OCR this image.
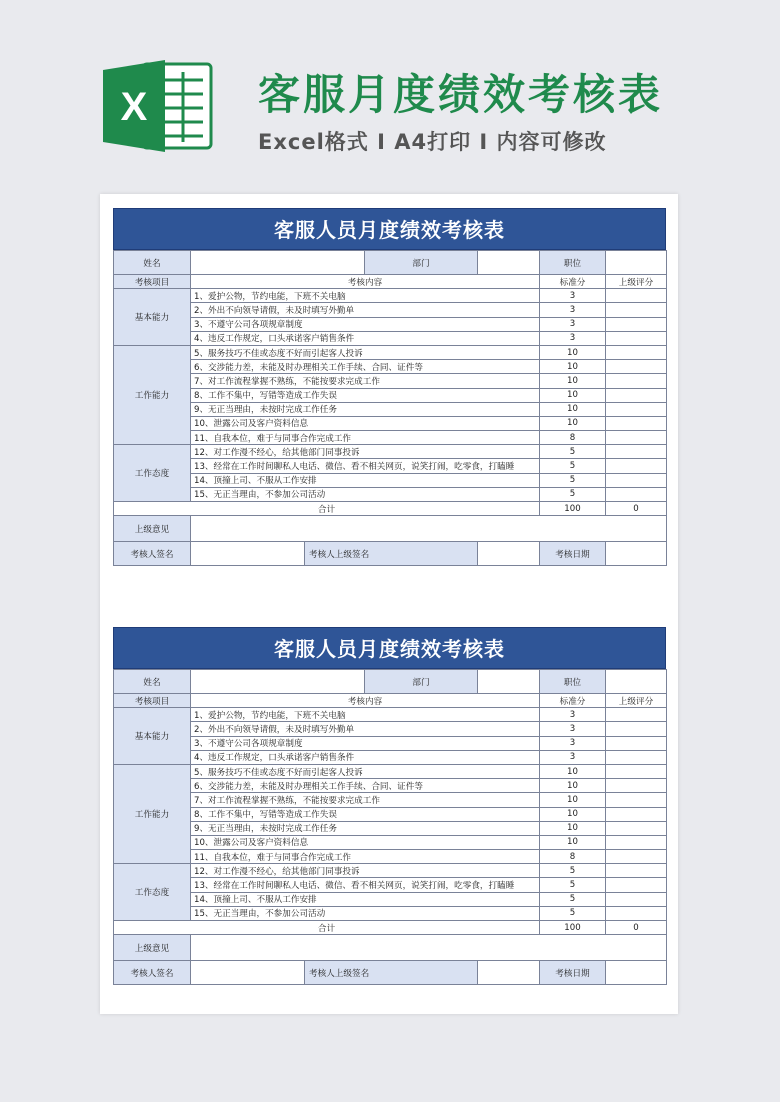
X	客服月度绩效考核表
Excel格式 I A4打印 I 内容可修改
客服人员月度绩效考核表
姓名			部门		职位	
考核项目	考核内容				标准分	上级评分
基本能力	1、爱护公物，节约电能，下班不关电脑				3	
	2、外出不向领导请假，未及时填写外勤单				3	
	3、不遵守公司各项规章制度				3	
	4、违反工作规定，口头承诺客户销售条件				3	
工作能力	5、服务技巧不佳或态度不好而引起客人投诉				10	
	6、交涉能力差，未能及时办理相关工作手续、合同、证件等				10	
	7、对工作流程掌握不熟练，不能按要求完成工作				10	
	8、工作不集中，写错等造成工作失误				10	
	9、无正当理由，未按时完成工作任务				10	
	10、泄露公司及客户资料信息				10	
	11、自我本位，难于与同事合作完成工作				8	
工作态度	12、对工作漫不经心，给其他部门同事投诉				5	
	13、经常在工作时间聊私人电话、微信、看不相关网页，说笑打闹，吃零食，打瞌睡				5	
	14、顶撞上司、不服从工作安排				5	
	15、无正当理由，不参加公司活动				5	
合计					100	0
上级意见						
考核人签名		考核人上级签名			考核日期	
客服人员月度绩效考核表
姓名			部门		职位	
考核项目	考核内容				标准分	上级评分
基本能力	1、爱护公物，节约电能，下班不关电脑				3	
	2、外出不向领导请假，未及时填写外勤单				3	
	3、不遵守公司各项规章制度				3	
	4、违反工作规定，口头承诺客户销售条件				3	
工作能力	5、服务技巧不佳或态度不好而引起客人投诉				10	
	6、交涉能力差，未能及时办理相关工作手续、合同、证件等				10	
	7、对工作流程掌握不熟练，不能按要求完成工作				10	
	8、工作不集中，写错等造成工作失误				10	
	9、无正当理由，未按时完成工作任务				10	
	10、泄露公司及客户资料信息				10	
	11、自我本位，难于与同事合作完成工作				8	
工作态度	12、对工作漫不经心，给其他部门同事投诉				5	
	13、经常在工作时间聊私人电话、微信、看不相关网页，说笑打闹，吃零食，打瞌睡				5	
	14、顶撞上司、不服从工作安排				5	
	15、无正当理由，不参加公司活动				5	
合计					100	0
上级意见						
考核人签名		考核人上级签名			考核日期	
